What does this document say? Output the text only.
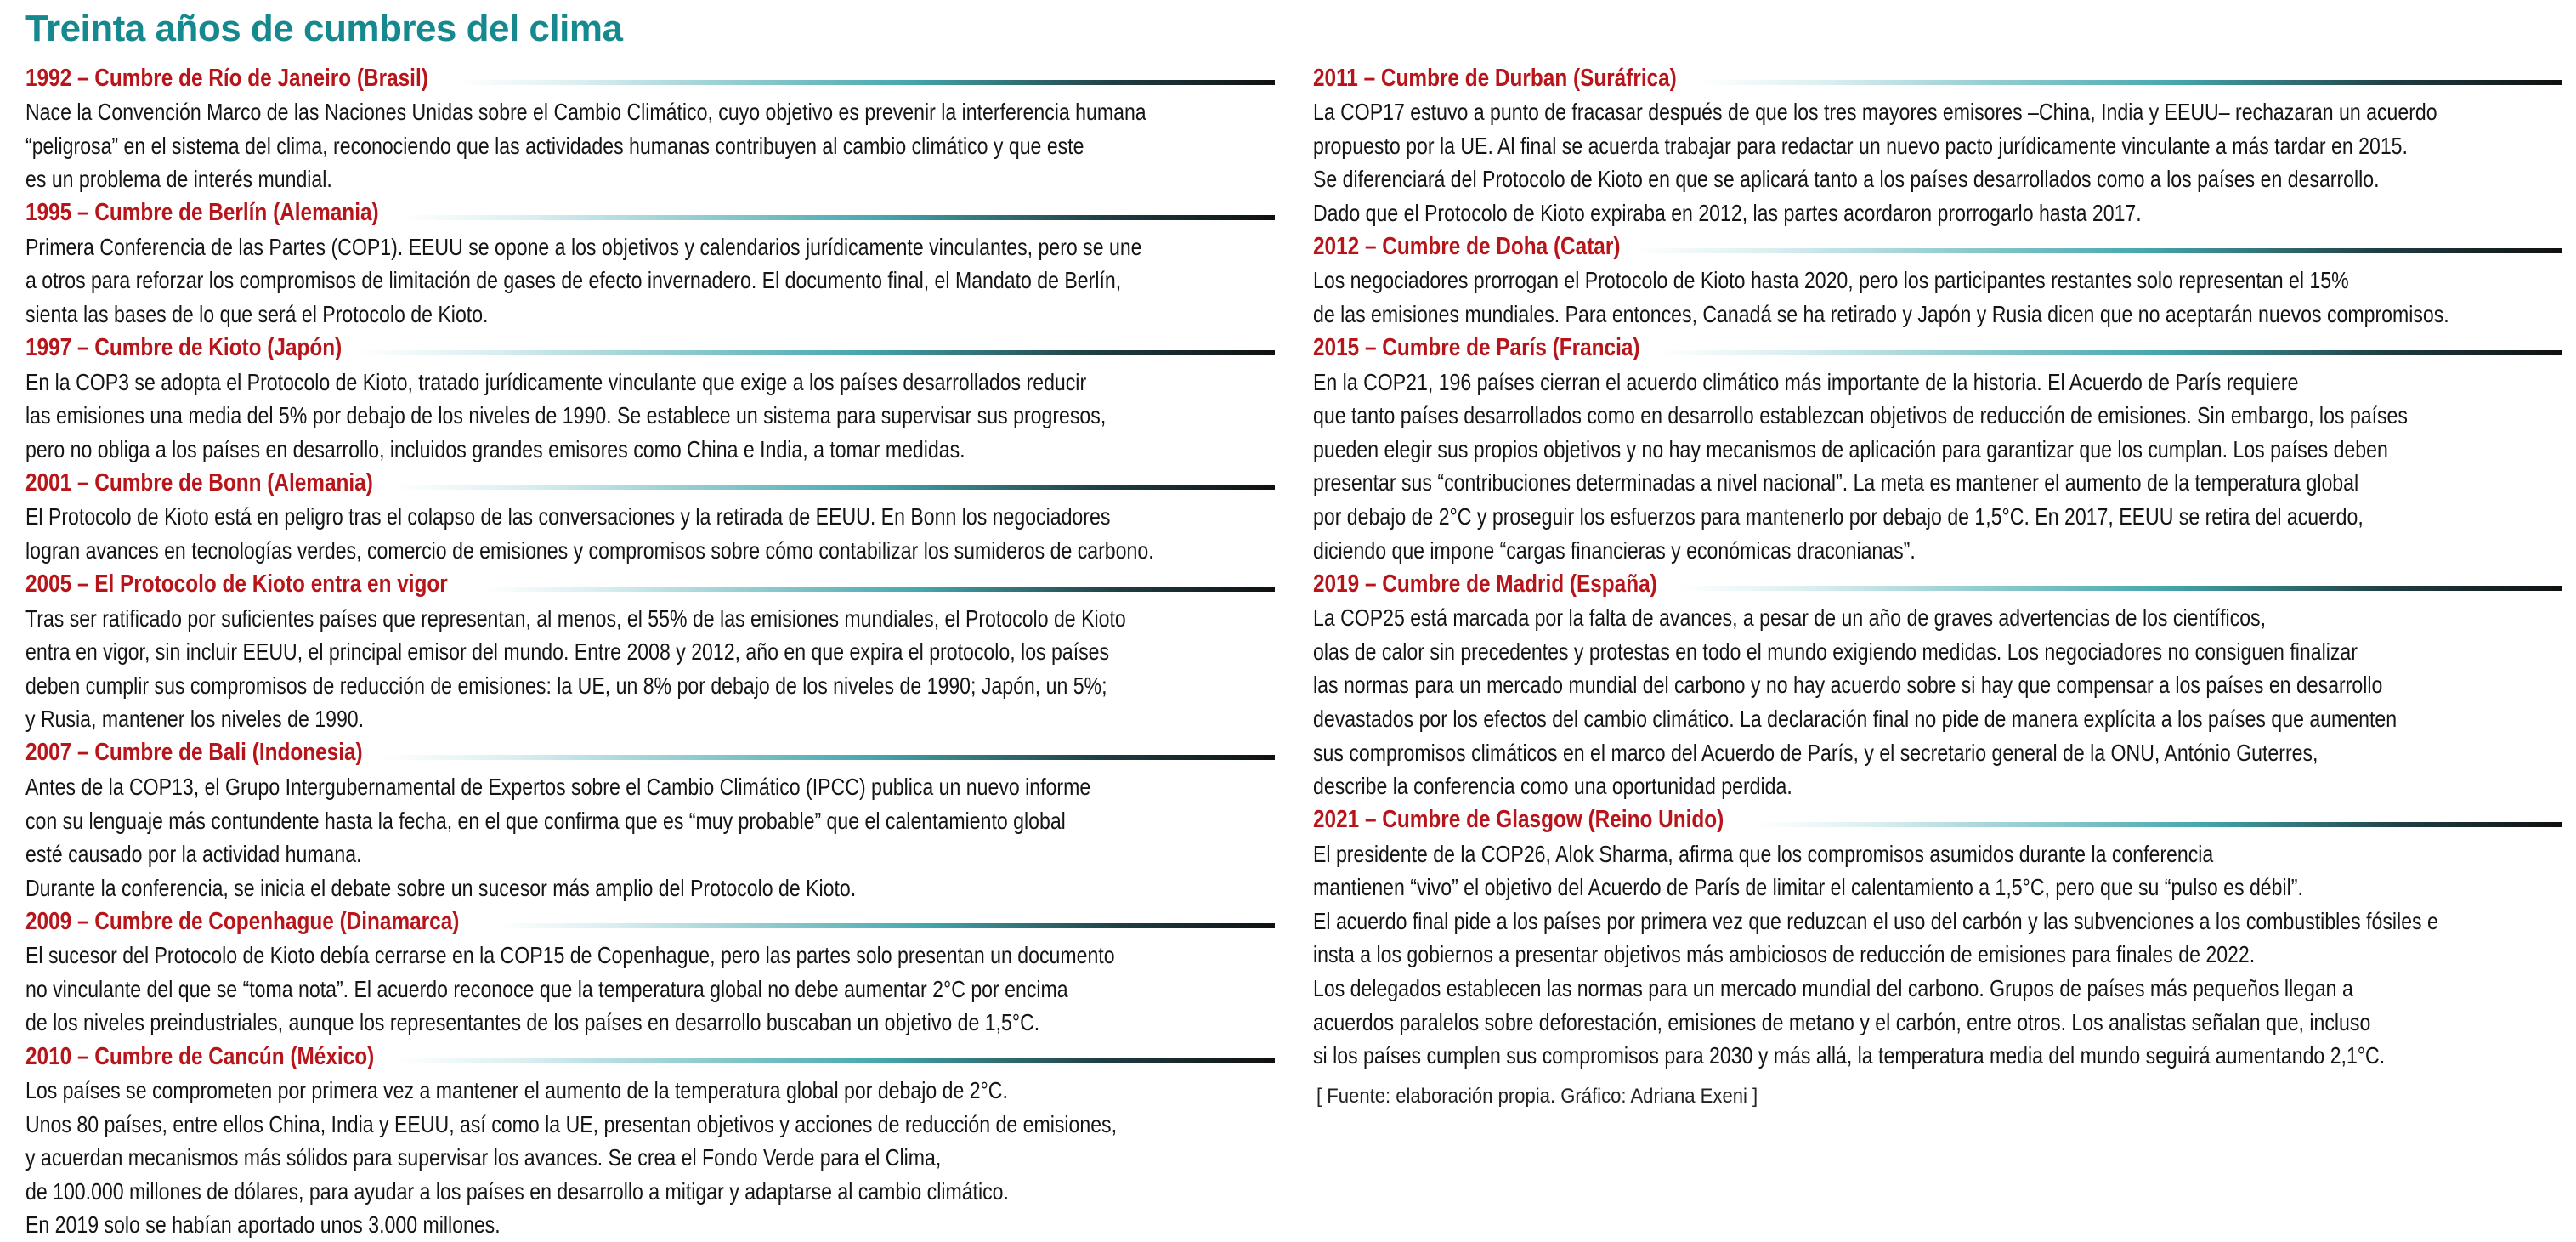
Treinta años de cumbres del clima
1992 – Cumbre de Río de Janeiro (Brasil)

Nace la Convención Marco de las Naciones Unidas sobre el Cambio Climático, cuyo objetivo es prevenir la interferencia humana
“peligrosa” en el sistema del clima, reconociendo que las actividades humanas contribuyen al cambio climático y que este
es un problema de interés mundial.

1995 – Cumbre de Berlín (Alemania)

Primera Conferencia de las Partes (COP1). EEUU se opone a los objetivos y calendarios jurídicamente vinculantes, pero se une
a otros para reforzar los compromisos de limitación de gases de efecto invernadero. El documento final, el Mandato de Berlín,
sienta las bases de lo que será el Protocolo de Kioto.

1997 – Cumbre de Kioto (Japón)

En la COP3 se adopta el Protocolo de Kioto, tratado jurídicamente vinculante que exige a los países desarrollados reducir
las emisiones una media del 5% por debajo de los niveles de 1990. Se establece un sistema para supervisar sus progresos,
pero no obliga a los países en desarrollo, incluidos grandes emisores como China e India, a tomar medidas.

2001 – Cumbre de Bonn (Alemania)

El Protocolo de Kioto está en peligro tras el colapso de las conversaciones y la retirada de EEUU. En Bonn los negociadores
logran avances en tecnologías verdes, comercio de emisiones y compromisos sobre cómo contabilizar los sumideros de carbono.

2005 – El Protocolo de Kioto entra en vigor

Tras ser ratificado por suficientes países que representan, al menos, el 55% de las emisiones mundiales, el Protocolo de Kioto
entra en vigor, sin incluir EEUU, el principal emisor del mundo. Entre 2008 y 2012, año en que expira el protocolo, los países
deben cumplir sus compromisos de reducción de emisiones: la UE, un 8% por debajo de los niveles de 1990; Japón, un 5%;
y Rusia, mantener los niveles de 1990.

2007 – Cumbre de Bali (Indonesia)

Antes de la COP13, el Grupo Intergubernamental de Expertos sobre el Cambio Climático (IPCC) publica un nuevo informe
con su lenguaje más contundente hasta la fecha, en el que confirma que es “muy probable” que el calentamiento global
esté causado por la actividad humana.
Durante la conferencia, se inicia el debate sobre un sucesor más amplio del Protocolo de Kioto.

2009 – Cumbre de Copenhague (Dinamarca)

El sucesor del Protocolo de Kioto debía cerrarse en la COP15 de Copenhague, pero las partes solo presentan un documento
no vinculante del que se “toma nota”. El acuerdo reconoce que la temperatura global no debe aumentar 2°C por encima
de los niveles preindustriales, aunque los representantes de los países en desarrollo buscaban un objetivo de 1,5°C.

2010 – Cumbre de Cancún (México)

Los países se comprometen por primera vez a mantener el aumento de la temperatura global por debajo de 2°C.
Unos 80 países, entre ellos China, India y EEUU, así como la UE, presentan objetivos y acciones de reducción de emisiones,
y acuerdan mecanismos más sólidos para supervisar los avances. Se crea el Fondo Verde para el Clima,
de 100.000 millones de dólares, para ayudar a los países en desarrollo a mitigar y adaptarse al cambio climático.
En 2019 solo se habían aportado unos 3.000 millones.

2011 – Cumbre de Durban (Suráfrica)

La COP17 estuvo a punto de fracasar después de que los tres mayores emisores –China, India y EEUU– rechazaran un acuerdo
propuesto por la UE. Al final se acuerda trabajar para redactar un nuevo pacto jurídicamente vinculante a más tardar en 2015.
Se diferenciará del Protocolo de Kioto en que se aplicará tanto a los países desarrollados como a los países en desarrollo.
Dado que el Protocolo de Kioto expiraba en 2012, las partes acordaron prorrogarlo hasta 2017.

2012 – Cumbre de Doha (Catar)

Los negociadores prorrogan el Protocolo de Kioto hasta 2020, pero los participantes restantes solo representan el 15%
de las emisiones mundiales. Para entonces, Canadá se ha retirado y Japón y Rusia dicen que no aceptarán nuevos compromisos.

2015 – Cumbre de París (Francia)

En la COP21, 196 países cierran el acuerdo climático más importante de la historia. El Acuerdo de París requiere
que tanto países desarrollados como en desarrollo establezcan objetivos de reducción de emisiones. Sin embargo, los países
pueden elegir sus propios objetivos y no hay mecanismos de aplicación para garantizar que los cumplan. Los países deben
presentar sus “contribuciones determinadas a nivel nacional”. La meta es mantener el aumento de la temperatura global
por debajo de 2°C y proseguir los esfuerzos para mantenerlo por debajo de 1,5°C. En 2017, EEUU se retira del acuerdo,
diciendo que impone “cargas financieras y económicas draconianas”.

2019 – Cumbre de Madrid (España)

La COP25 está marcada por la falta de avances, a pesar de un año de graves advertencias de los científicos,
olas de calor sin precedentes y protestas en todo el mundo exigiendo medidas. Los negociadores no consiguen finalizar
las normas para un mercado mundial del carbono y no hay acuerdo sobre si hay que compensar a los países en desarrollo
devastados por los efectos del cambio climático. La declaración final no pide de manera explícita a los países que aumenten
sus compromisos climáticos en el marco del Acuerdo de París, y el secretario general de la ONU, António Guterres,
describe la conferencia como una oportunidad perdida.

2021 – Cumbre de Glasgow (Reino Unido)

El presidente de la COP26, Alok Sharma, afirma que los compromisos asumidos durante la conferencia
mantienen “vivo” el objetivo del Acuerdo de París de limitar el calentamiento a 1,5°C, pero que su “pulso es débil”.
El acuerdo final pide a los países por primera vez que reduzcan el uso del carbón y las subvenciones a los combustibles fósiles e
insta a los gobiernos a presentar objetivos más ambiciosos de reducción de emisiones para finales de 2022.
Los delegados establecen las normas para un mercado mundial del carbono. Grupos de países más pequeños llegan a
acuerdos paralelos sobre deforestación, emisiones de metano y el carbón, entre otros. Los analistas señalan que, incluso
si los países cumplen sus compromisos para 2030 y más allá, la temperatura media del mundo seguirá aumentando 2,1°C.

[ Fuente: elaboración propia. Gráfico: Adriana Exeni ]
